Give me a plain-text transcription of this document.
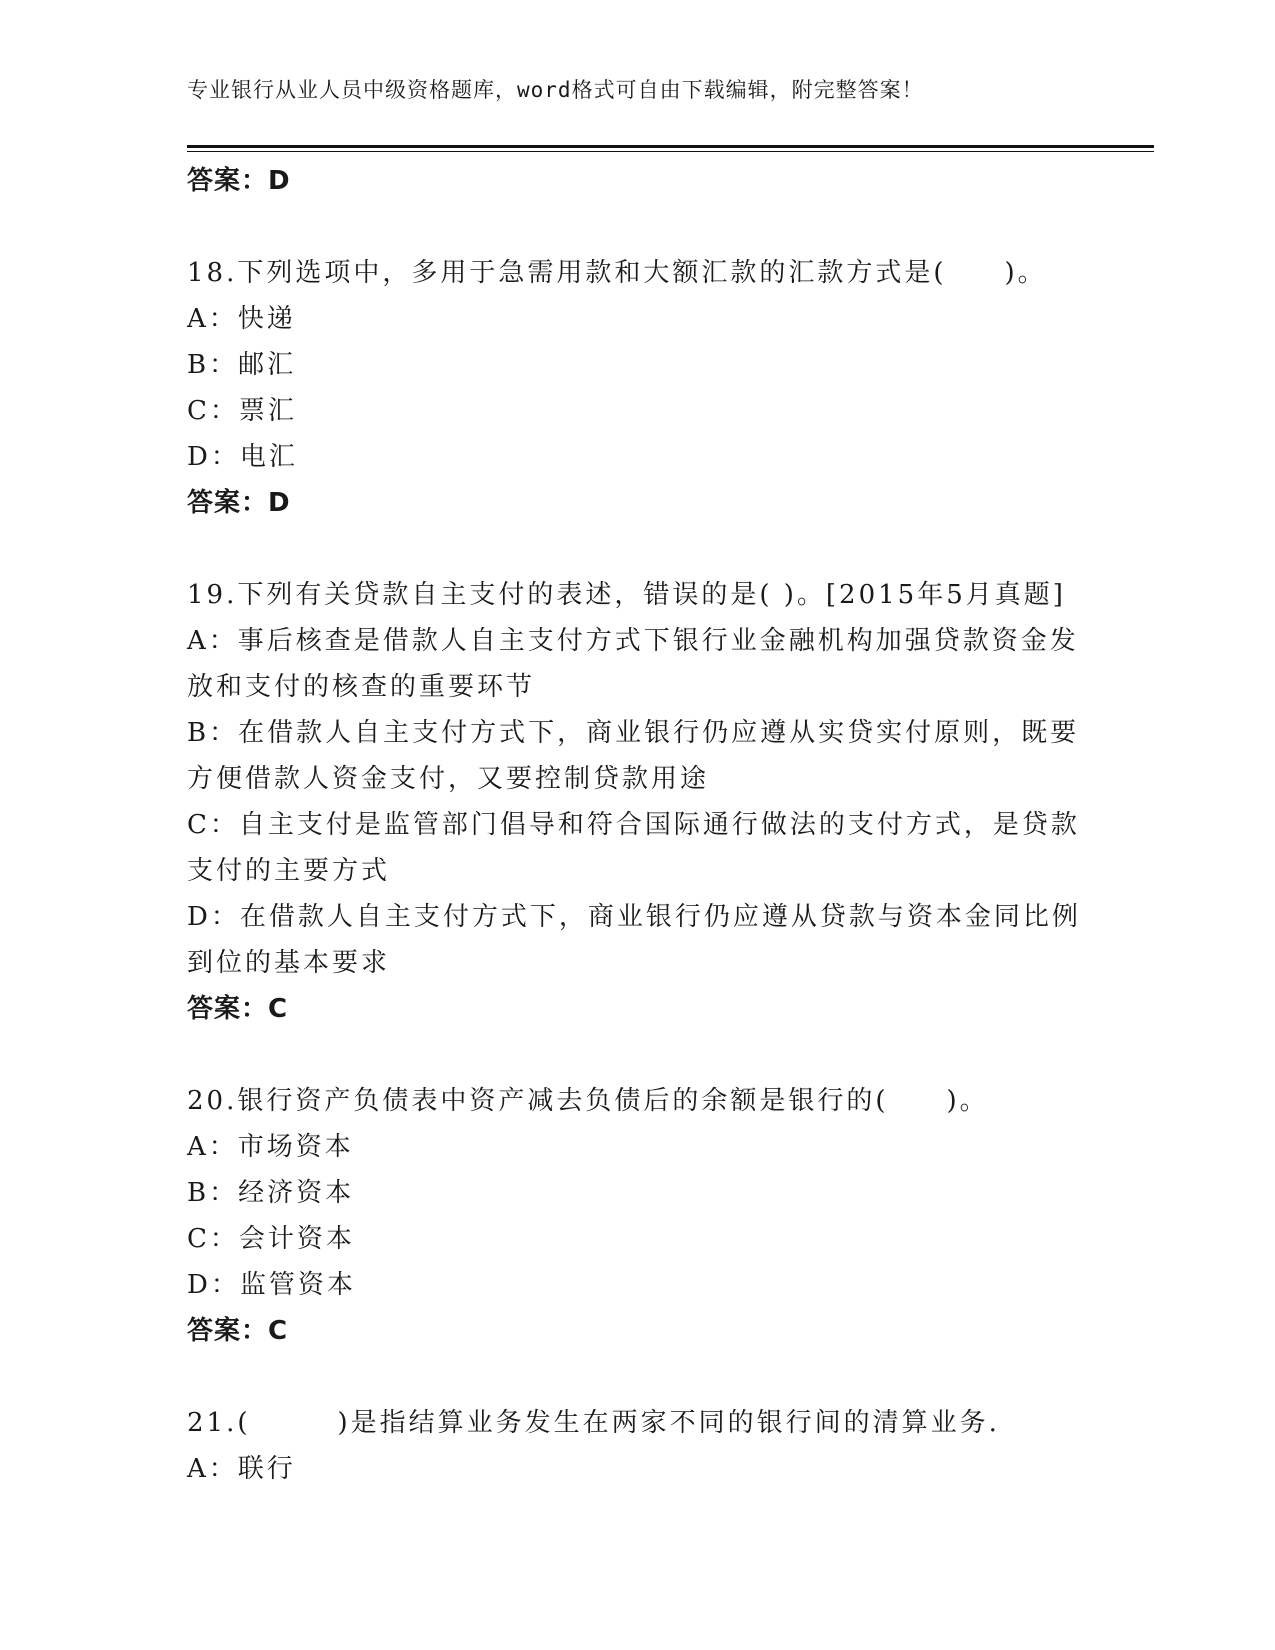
专业银行从业人员中级资格题库，word格式可自由下载编辑，附完整答案！
答案：D
18.下列选项中，多用于急需用款和大额汇款的汇款方式是(　　)。
A：快递
B：邮汇
C：票汇
D：电汇
答案：D
19.下列有关贷款自主支付的表述，错误的是( )。[2015年5月真题]
A：事后核查是借款人自主支付方式下银行业金融机构加强贷款资金发
放和支付的核查的重要环节
B：在借款人自主支付方式下，商业银行仍应遵从实贷实付原则，既要
方便借款人资金支付，又要控制贷款用途
C：自主支付是监管部门倡导和符合国际通行做法的支付方式，是贷款
支付的主要方式
D：在借款人自主支付方式下，商业银行仍应遵从贷款与资本金同比例
到位的基本要求
答案：C
20.银行资产负债表中资产减去负债后的余额是银行的(　　)。
A：市场资本
B：经济资本
C：会计资本
D：监管资本
答案：C
21.(　　　)是指结算业务发生在两家不同的银行间的清算业务.
A：联行
